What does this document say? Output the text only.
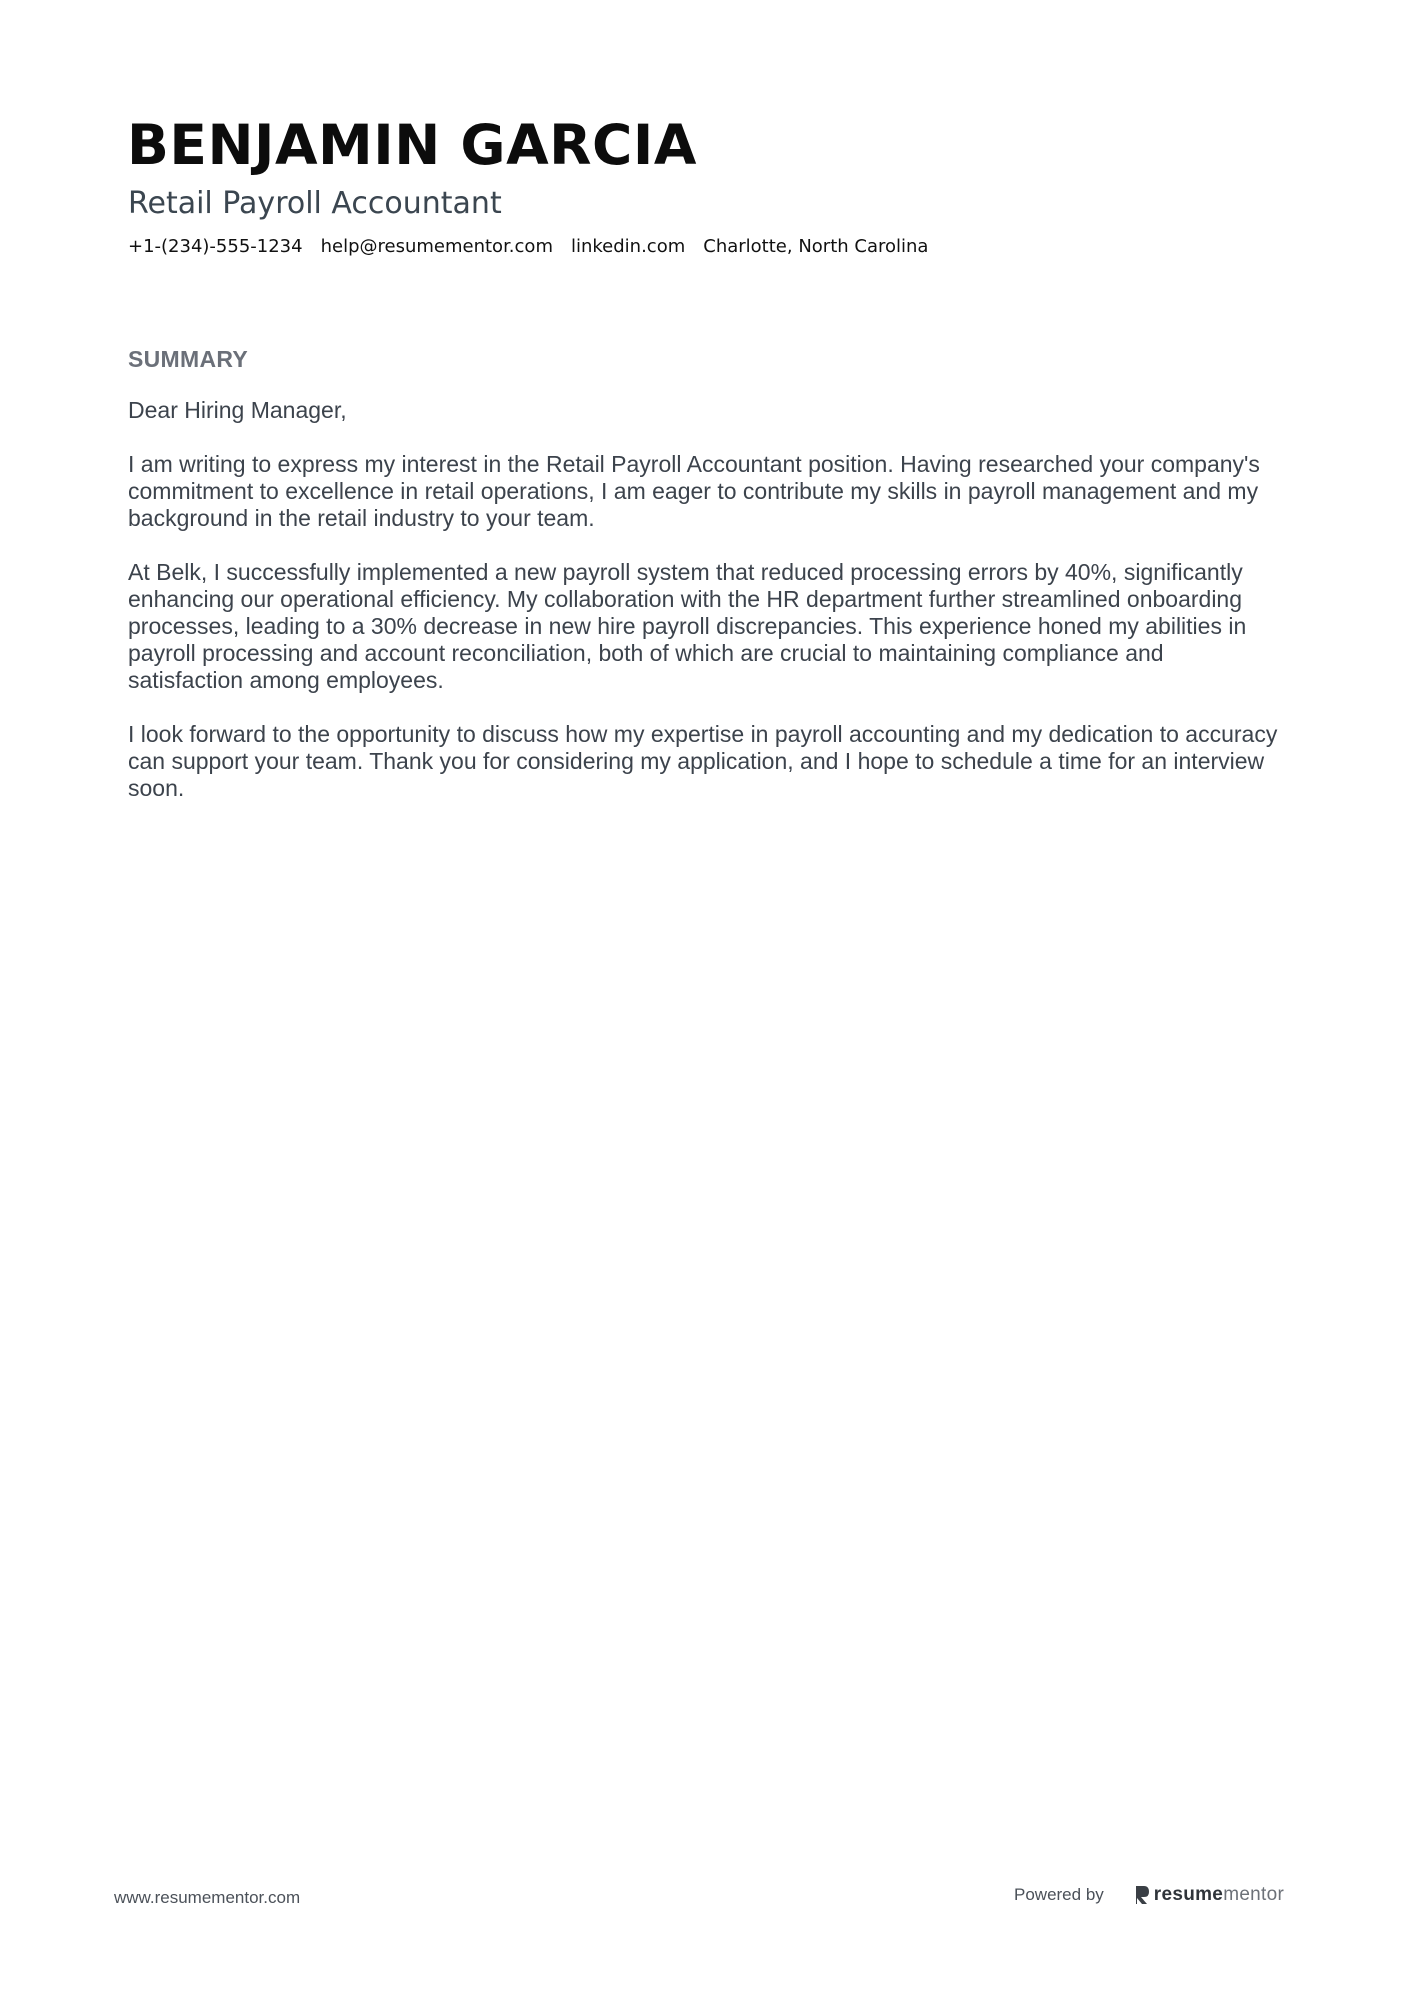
BENJAMIN GARCIA
Retail Payroll Accountant
+1-(234)-555-1234 help@resumementor.com linkedin.com Charlotte, North Carolina
SUMMARY

Dear Hiring Manager,

I am writing to express my interest in the Retail Payroll Accountant position. Having researched your company's commitment to excellence in retail operations, I am eager to contribute my skills in payroll management and my background in the retail industry to your team.

At Belk, I successfully implemented a new payroll system that reduced processing errors by 40%, significantly enhancing our operational efficiency. My collaboration with the HR department further streamlined onboarding processes, leading to a 30% decrease in new hire payroll discrepancies. This experience honed my abilities in payroll processing and account reconciliation, both of which are crucial to maintaining compliance and satisfaction among employees.

I look forward to the opportunity to discuss how my expertise in payroll accounting and my dedication to accuracy can support your team. Thank you for considering my application, and I hope to schedule a time for an interview soon.

www.resumementor.com	Powered by	resumementor
